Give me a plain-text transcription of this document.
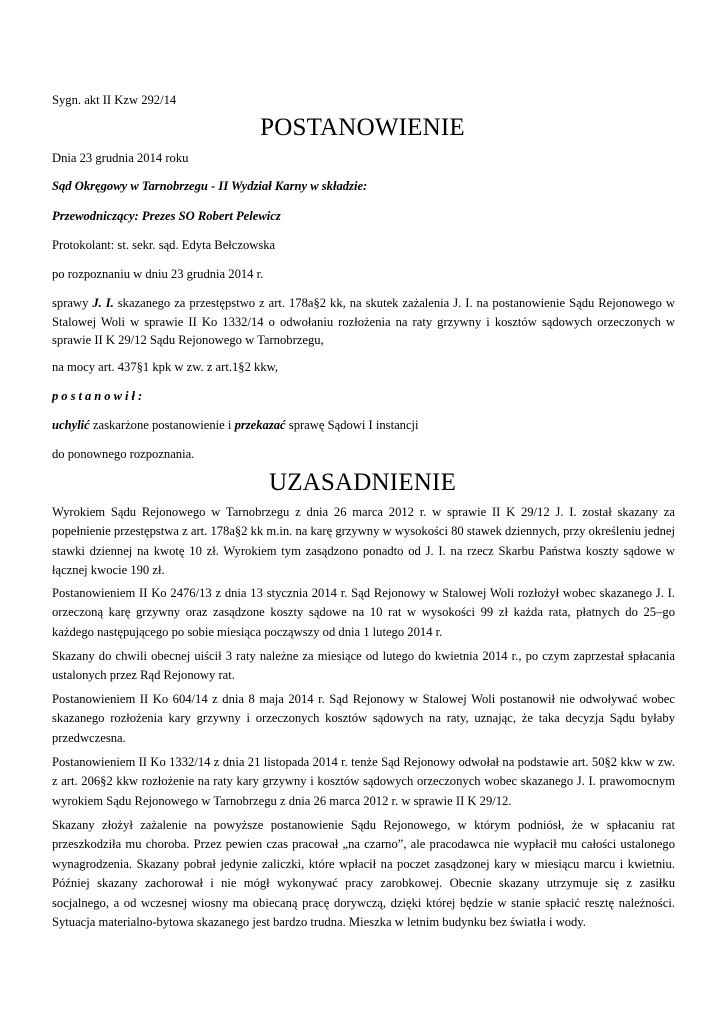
Sygn. akt II Kzw 292/14
POSTANOWIENIE
Dnia 23 grudnia 2014 roku
Sąd Okręgowy w Tarnobrzegu - II Wydział Karny w składzie:
Przewodniczący: Prezes SO Robert Pelewicz
Protokolant: st. sekr. sąd. Edyta Bełczowska
po rozpoznaniu w dniu 23 grudnia 2014 r.
sprawy J. I. skazanego za przestępstwo z art. 178a§2 kk, na skutek zażalenia J. I. na postanowienie Sądu Rejonowego w Stalowej Woli w sprawie II Ko 1332/14 o odwołaniu rozłożenia na raty grzywny i kosztów sądowych orzeczonych w sprawie II K 29/12 Sądu Rejonowego w Tarnobrzegu,
na mocy art. 437§1 kpk w zw. z art.1§2 kkw,
postanowił:
uchylić zaskarżone postanowienie i przekazać sprawę Sądowi I instancji
do ponownego rozpoznania.
UZASADNIENIE
Wyrokiem Sądu Rejonowego w Tarnobrzegu z dnia 26 marca 2012 r. w sprawie II K 29/12 J. I. został skazany za popełnienie przestępstwa z art. 178a§2 kk m.in. na karę grzywny w wysokości 80 stawek dziennych, przy określeniu jednej stawki dziennej na kwotę 10 zł. Wyrokiem tym zasądzono ponadto od J. I. na rzecz Skarbu Państwa koszty sądowe w łącznej kwocie 190 zł.
Postanowieniem II Ko 2476/13 z dnia 13 stycznia 2014 r. Sąd Rejonowy w Stalowej Woli rozłożył wobec skazanego J. I. orzeczoną karę grzywny oraz zasądzone koszty sądowe na 10 rat w wysokości 99 zł każda rata, płatnych do 25–go każdego następującego po sobie miesiąca począwszy od dnia 1 lutego 2014 r.
Skazany do chwili obecnej uiścił 3 raty należne za miesiące od lutego do kwietnia 2014 r., po czym zaprzestał spłacania ustalonych przez Rąd Rejonowy rat.
Postanowieniem II Ko 604/14 z dnia 8 maja 2014 r. Sąd Rejonowy w Stalowej Woli postanowił nie odwoływać wobec skazanego rozłożenia kary grzywny i orzeczonych kosztów sądowych na raty, uznając, że taka decyzja Sądu byłaby przedwczesna.
Postanowieniem II Ko 1332/14 z dnia 21 listopada 2014 r. tenże Sąd Rejonowy odwołał na podstawie art. 50§2 kkw w zw. z art. 206§2 kkw rozłożenie na raty kary grzywny i kosztów sądowych orzeczonych wobec skazanego J. I. prawomocnym wyrokiem Sądu Rejonowego w Tarnobrzegu z dnia 26 marca 2012 r. w sprawie II K 29/12.
Skazany złożył zażalenie na powyższe postanowienie Sądu Rejonowego, w którym podniósł, że w spłacaniu rat przeszkodziła mu choroba. Przez pewien czas pracował „na czarno”, ale pracodawca nie wypłacił mu całości ustalonego wynagrodzenia. Skazany pobrał jedynie zaliczki, które wpłacił na poczet zasądzonej kary w miesiącu marcu i kwietniu. Później skazany zachorował i nie mógł wykonywać pracy zarobkowej. Obecnie skazany utrzymuje się z zasiłku socjalnego, a od wczesnej wiosny ma obiecaną pracę dorywczą, dzięki której będzie w stanie spłacić resztę należności. Sytuacja materialno-bytowa skazanego jest bardzo trudna. Mieszka w letnim budynku bez światła i wody.
